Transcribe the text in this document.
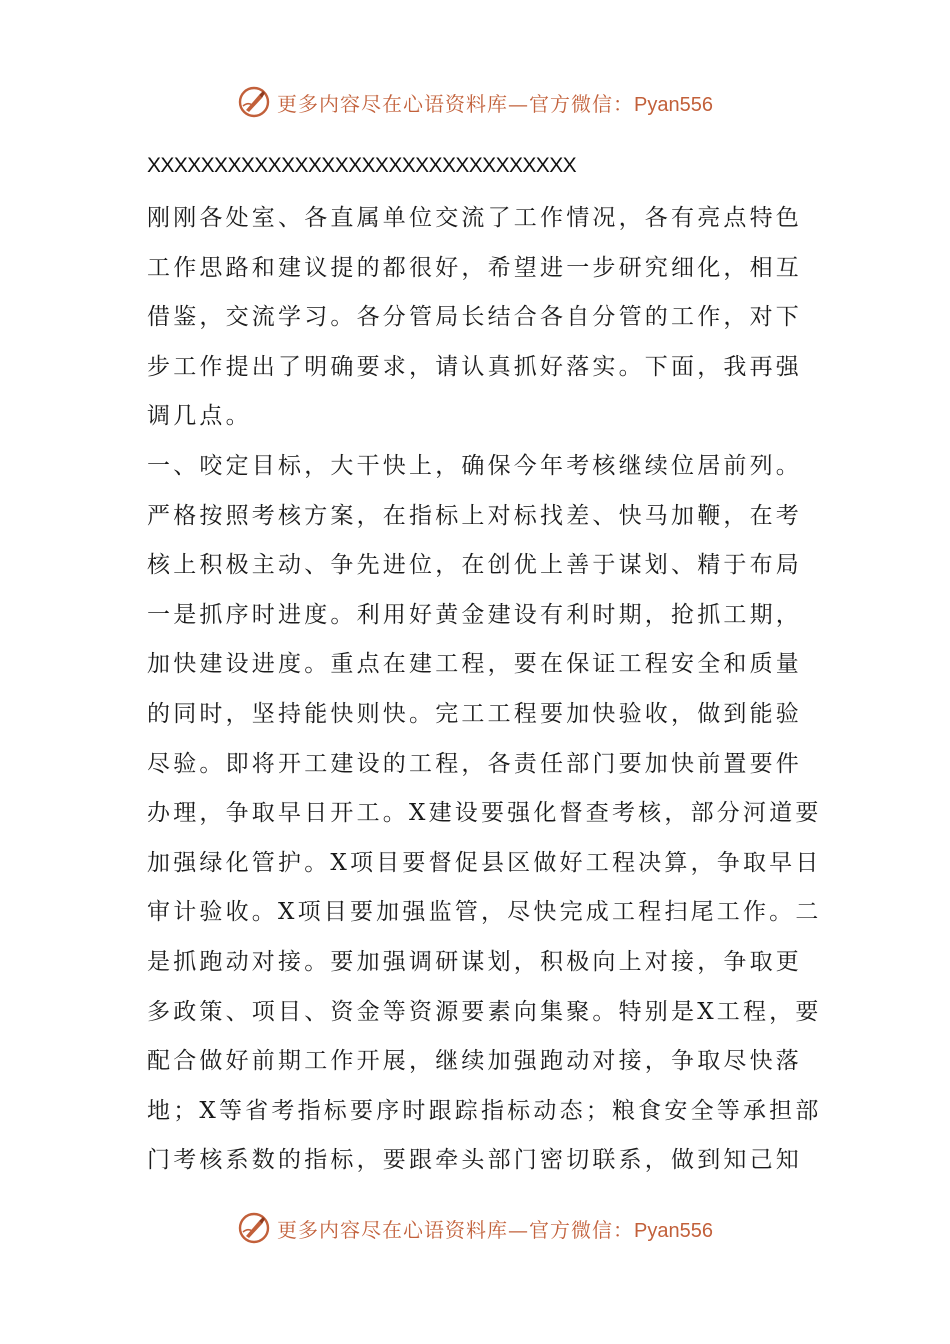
更多内容尽在心语资料库—官方微信：Pyan556
XXXXXXXXXXXXXXXXXXXXXXXXXXXXXXXX
刚刚各处室、各直属单位交流了工作情况，各有亮点特色
工作思路和建议提的都很好，希望进一步研究细化，相互
借鉴，交流学习。各分管局长结合各自分管的工作，对下
步工作提出了明确要求，请认真抓好落实。下面，我再强
调几点。
一、咬定目标，大干快上，确保今年考核继续位居前列。
严格按照考核方案，在指标上对标找差、快马加鞭，在考
核上积极主动、争先进位，在创优上善于谋划、精于布局
一是抓序时进度。利用好黄金建设有利时期，抢抓工期，
加快建设进度。重点在建工程，要在保证工程安全和质量
的同时，坚持能快则快。完工工程要加快验收，做到能验
尽验。即将开工建设的工程，各责任部门要加快前置要件
办理，争取早日开工。X建设要强化督查考核，部分河道要
加强绿化管护。X项目要督促县区做好工程决算，争取早日
审计验收。X项目要加强监管，尽快完成工程扫尾工作。二
是抓跑动对接。要加强调研谋划，积极向上对接，争取更
多政策、项目、资金等资源要素向集聚。特别是X工程，要
配合做好前期工作开展，继续加强跑动对接，争取尽快落
地；X等省考指标要序时跟踪指标动态；粮食安全等承担部
门考核系数的指标，要跟牵头部门密切联系，做到知己知
更多内容尽在心语资料库—官方微信：Pyan556
